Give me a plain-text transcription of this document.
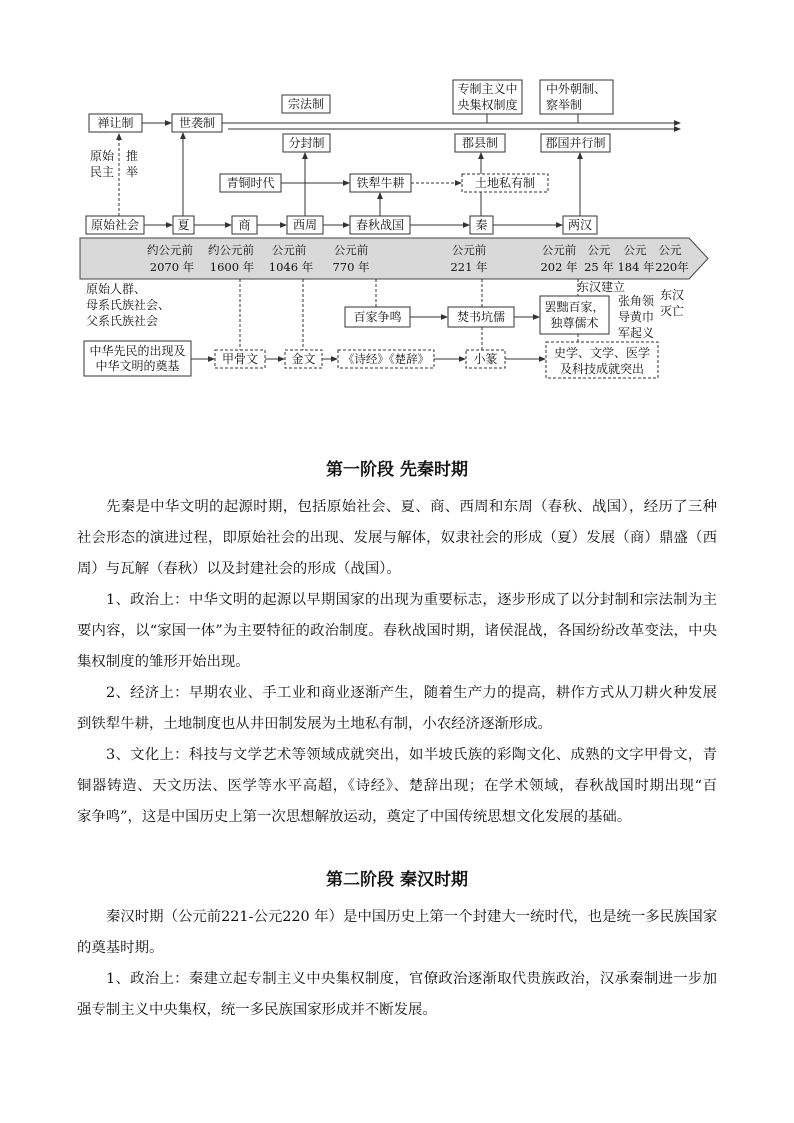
宗法制
专制主义中
央集权制度
中外朝制、
察举制
禅让制	世袭制
原始
民主
推
举
分封制	郡县制	郡国并行制
青铜时代	铁犁牛耕	土地私有制
原始社会	夏	商	西周	春秋战国	秦	两汉
约公元前
2070 年
约公元前
1600 年
公元前
1046 年
公元前
770 年
公元前
221 年
公元前
202 年
公元
25 年
公元
184 年
公元
220年
原始人群、
母系氏族社会、
父系氏族社会
东汉建立
张角领
导黄巾
军起义
东汉
灭亡
百家争鸣	焚书坑儒
罢黜百家，
独尊儒术
中华先民的出现及
中华文明的奠基	甲骨文	金文 《诗经》《楚辞》	小篆	史学、文学、医学
及科技成就突出
第一阶段 先秦时期
先秦是中华文明的起源时期，包括原始社会、夏、商、西周和东周（春秋、战国），经历了三种
社会形态的演进过程，即原始社会的出现、发展与解体，奴隶社会的形成（夏）发展（商）鼎盛（西
周）与瓦解（春秋）以及封建社会的形成（战国）。
1、政治上：中华文明的起源以早期国家的出现为重要标志，逐步形成了以分封制和宗法制为主
要内容，以“家国一体”为主要特征的政治制度。春秋战国时期，诸侯混战，各国纷纷改革变法，中央
集权制度的雏形开始出现。
2、经济上：早期农业、手工业和商业逐渐产生，随着生产力的提高，耕作方式从刀耕火种发展
到铁犁牛耕，土地制度也从井田制发展为土地私有制，小农经济逐渐形成。
3、文化上：科技与文学艺术等领域成就突出，如半坡氏族的彩陶文化、成熟的文字甲骨文，青
铜器铸造、天文历法、医学等水平高超，《诗经》、楚辞出现；在学术领域，春秋战国时期出现“百
家争鸣”，这是中国历史上第一次思想解放运动，奠定了中国传统思想文化发展的基础。
第二阶段 秦汉时期
秦汉时期（公元前221-公元220 年）是中国历史上第一个封建大一统时代，也是统一多民族国家
的奠基时期。
1、政治上：秦建立起专制主义中央集权制度，官僚政治逐渐取代贵族政治，汉承秦制进一步加
强专制主义中央集权，统一多民族国家形成并不断发展。
